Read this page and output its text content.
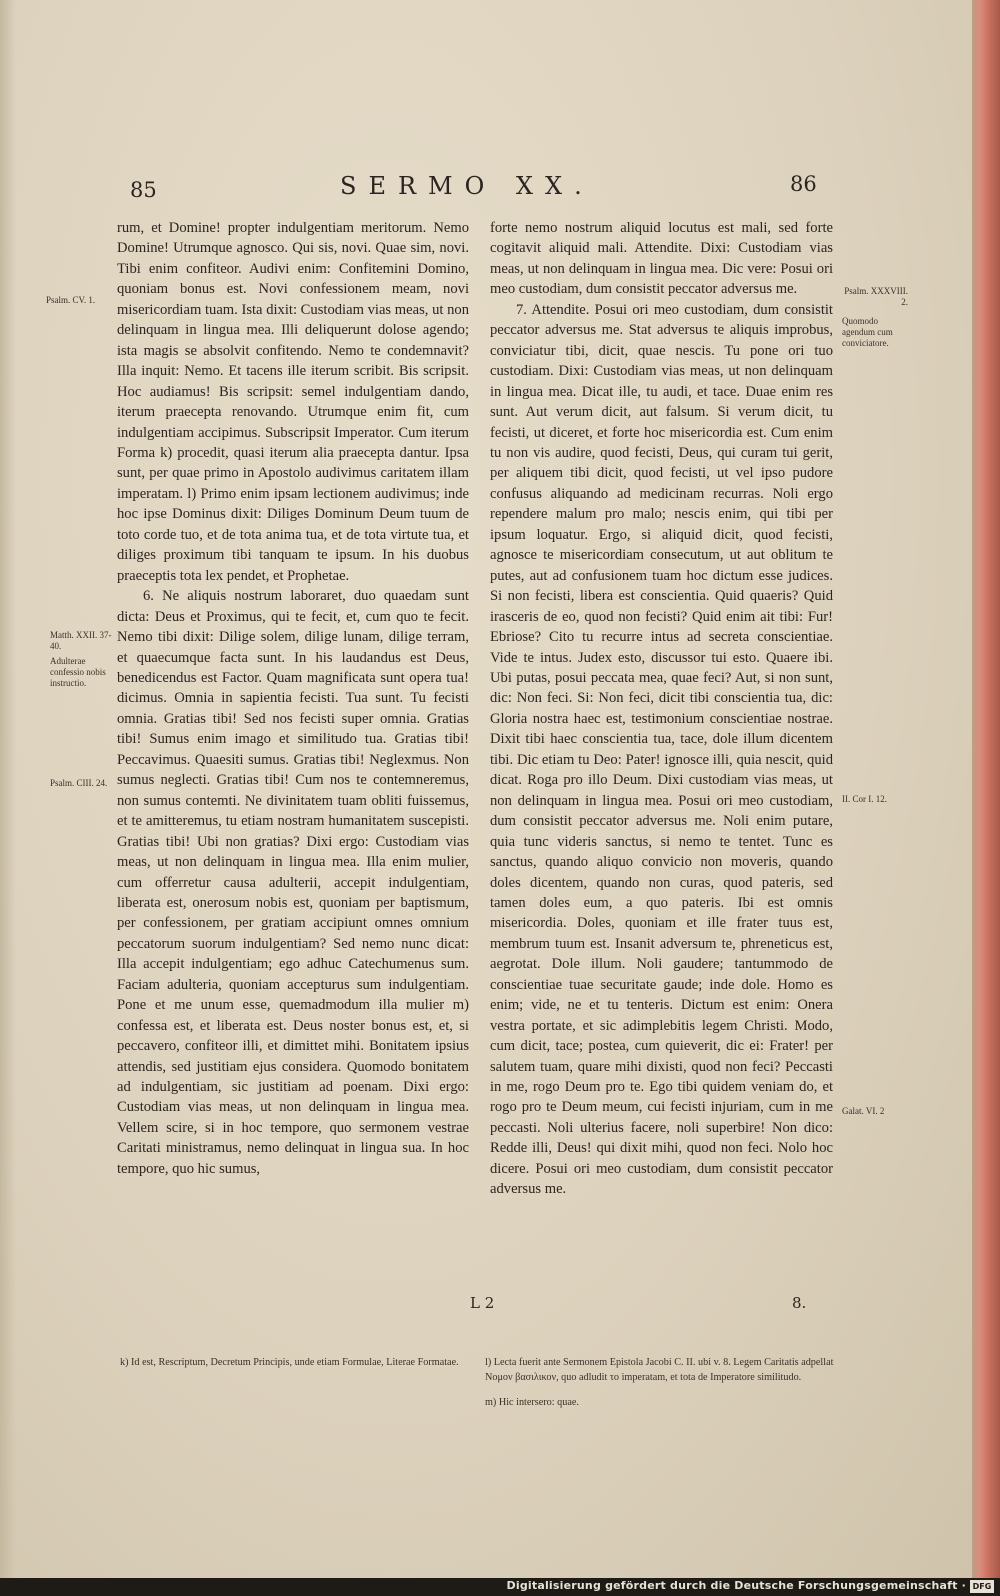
85	SERMO XX.	86
Psalm. CV. 1.
Matth. XXII. 37-40.
Adulterae confessio nobis instructio.
Psalm. CIII. 24.
Psalm. XXXVIII. 2.
Quomodo agendum cum conviciatore.
II. Cor I. 12.
Galat. VI. 2

rum, et Domine! propter indulgentiam meritorum. Nemo Domine! Utrumque agnosco. Qui sis, novi. Quae sim, novi. Tibi enim confiteor. Audivi enim: Confitemini Domino, quoniam bonus est. Novi confessionem meam, novi misericordiam tuam. Ista dixit: Custodiam vias meas, ut non delinquam in lingua mea. Illi deliquerunt dolose agendo; ista magis se absolvit confitendo. Nemo te condemnavit? Illa inquit: Nemo. Et tacens ille iterum scribit. Bis scripsit. Hoc audiamus! Bis scripsit: semel indulgentiam dando, iterum praecepta renovando. Utrumque enim fit, cum indulgentiam accipimus. Subscripsit Imperator. Cum iterum Forma k) procedit, quasi iterum alia praecepta dantur. Ipsa sunt, per quae primo in Apostolo audivimus caritatem illam imperatam. l) Primo enim ipsam lectionem audivimus; inde hoc ipse Dominus dixit: Diliges Dominum Deum tuum de toto corde tuo, et de tota anima tua, et de tota virtute tua, et diliges proximum tibi tanquam te ipsum. In his duobus praeceptis tota lex pendet, et Prophetae.

6. Ne aliquis nostrum laboraret, duo quaedam sunt dicta: Deus et Proximus, qui te fecit, et, cum quo te fecit. Nemo tibi dixit: Dilige solem, dilige lunam, dilige terram, et quaecumque facta sunt. In his laudandus est Deus, benedicendus est Factor. Quam magnificata sunt opera tua! dicimus. Omnia in sapientia fecisti. Tua sunt. Tu fecisti omnia. Gratias tibi! Sed nos fecisti super omnia. Gratias tibi! Sumus enim imago et similitudo tua. Gratias tibi! Peccavimus. Quaesiti sumus. Gratias tibi! Neglexmus. Non sumus neglecti. Gratias tibi! Cum nos te contemneremus, non sumus contemti. Ne divinitatem tuam obliti fuissemus, et te amitteremus, tu etiam nostram humanitatem suscepisti. Gratias tibi! Ubi non gratias? Dixi ergo: Custodiam vias meas, ut non delinquam in lingua mea. Illa enim mulier, cum offerretur causa adulterii, accepit indulgentiam, liberata est, onerosum nobis est, quoniam per baptismum, per confessionem, per gratiam accipiunt omnes omnium peccatorum suorum indulgentiam? Sed nemo nunc dicat: Illa accepit indulgentiam; ego adhuc Catechumenus sum. Faciam adulteria, quoniam accepturus sum indulgentiam. Pone et me unum esse, quemadmodum illa mulier m) confessa est, et liberata est. Deus noster bonus est, et, si peccavero, confiteor illi, et dimittet mihi. Bonitatem ipsius attendis, sed justitiam ejus considera. Quomodo bonitatem ad indulgentiam, sic justitiam ad poenam. Dixi ergo: Custodiam vias meas, ut non delinquam in lingua mea. Vellem scire, si in hoc tempore, quo sermonem vestrae Caritati ministramus, nemo delinquat in lingua sua. In hoc tempore, quo hic sumus,

forte nemo nostrum aliquid locutus est mali, sed forte cogitavit aliquid mali. Attendite. Dixi: Custodiam vias meas, ut non delinquam in lingua mea. Dic vere: Posui ori meo custodiam, dum consistit peccator adversus me.

7. Attendite. Posui ori meo custodiam, dum consistit peccator adversus me. Stat adversus te aliquis improbus, conviciatur tibi, dicit, quae nescis. Tu pone ori tuo custodiam. Dixi: Custodiam vias meas, ut non delinquam in lingua mea. Dicat ille, tu audi, et tace. Duae enim res sunt. Aut verum dicit, aut falsum. Si verum dicit, tu fecisti, ut diceret, et forte hoc misericordia est. Cum enim tu non vis audire, quod fecisti, Deus, qui curam tui gerit, per aliquem tibi dicit, quod fecisti, ut vel ipso pudore confusus aliquando ad medicinam recurras. Noli ergo rependere malum pro malo; nescis enim, qui tibi per ipsum loquatur. Ergo, si aliquid dicit, quod fecisti, agnosce te misericordiam consecutum, ut aut oblitum te putes, aut ad confusionem tuam hoc dictum esse judices. Si non fecisti, libera est conscientia. Quid quaeris? Quid irasceris de eo, quod non fecisti? Quid enim ait tibi: Fur! Ebriose? Cito tu recurre intus ad secreta conscientiae. Vide te intus. Judex esto, discussor tui esto. Quaere ibi. Ubi putas, posui peccata mea, quae feci? Aut, si non sunt, dic: Non feci. Si: Non feci, dicit tibi conscientia tua, dic: Gloria nostra haec est, testimonium conscientiae nostrae. Dixit tibi haec conscientia tua, tace, dole illum dicentem tibi. Dic etiam tu Deo: Pater! ignosce illi, quia nescit, quid dicat. Roga pro illo Deum. Dixi custodiam vias meas, ut non delinquam in lingua mea. Posui ori meo custodiam, dum consistit peccator adversus me. Noli enim putare, quia tunc videris sanctus, si nemo te tentet. Tunc es sanctus, quando aliquo convicio non moveris, quando doles dicentem, quando non curas, quod pateris, sed tamen doles eum, a quo pateris. Ibi est omnis misericordia. Doles, quoniam et ille frater tuus est, membrum tuum est. Insanit adversum te, phreneticus est, aegrotat. Dole illum. Noli gaudere; tantummodo de conscientiae tuae securitate gaude; inde dole. Homo es enim; vide, ne et tu tenteris. Dictum est enim: Onera vestra portate, et sic adimplebitis legem Christi. Modo, cum dicit, tace; postea, cum quieverit, dic ei: Frater! per salutem tuam, quare mihi dixisti, quod non feci? Peccasti in me, rogo Deum pro te. Ego tibi quidem veniam do, et rogo pro te Deum meum, cui fecisti injuriam, cum in me peccasti. Noli ulterius facere, noli superbire! Non dico: Redde illi, Deus! qui dixit mihi, quod non feci. Nolo hoc dicere. Posui ori meo custodiam, dum consistit peccator adversus me.

L 2	8.

k) Id est, Rescriptum, Decretum Principis, unde etiam Formulae, Literae Formatae.	l) Lecta fuerit ante Sermonem Epistola Jacobi C. II. ubi v. 8. Legem Caritatis adpellat Νομον βασιλικον, quo adludit τo imperatam, et tota de Imperatore similitudo.

m) Hic intersero: quae.

Digitalisierung gefördert durch die Deutsche Forschungsgemeinschaft · DFG
